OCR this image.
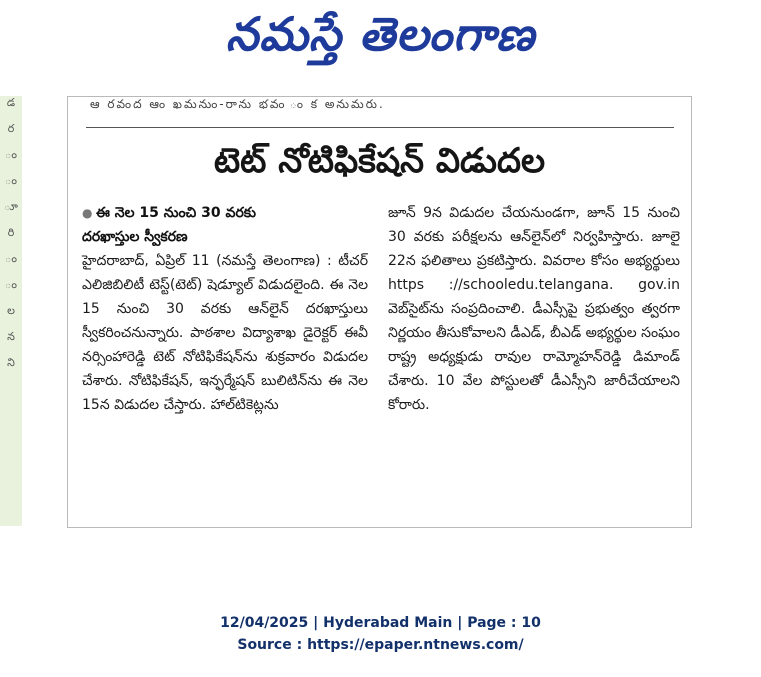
నమస్తే తెలంగాణ
డ
ర
ం
ం
ూ
రి
ం
ం
ల
న
ని
ఆ రవంద ఆం ఖమనుం-రాను భవం ం క అనుమరు.
టెట్‌ నోటిఫికేషన్‌ విడుదల
● ఈ నెల 15 నుంచి 30 వరకు
దరఖాస్తుల స్వీకరణ
హైదరాబాద్‌, ఏప్రిల్‌ 11 (నమస్తే తెలంగాణ) : టీచర్‌ ఎలిజిబిలిటీ టెస్ట్‌(టెట్‌) షెడ్యూల్‌ విడుదలైంది. ఈ నెల 15 నుంచి 30 వరకు ఆన్‌లైన్‌ దరఖాస్తులు స్వీకరించనున్నారు. పాఠశాల విద్యాశాఖ డైరెక్టర్‌ ఈవీ నర్సింహారెడ్డి టెట్‌ నోటిఫికేషన్‌ను శుక్రవారం విడుదల చేశారు. నోటిఫికేషన్‌, ఇన్ఫర్మేషన్‌ బులిటిన్‌ను ఈ నెల 15న విడుదల చేస్తారు. హాల్‌టికెట్లను
జూన్‌ 9న విడుదల చేయనుండగా, జూన్‌ 15 నుంచి 30 వరకు పరీక్షలను ఆన్‌లైన్‌లో నిర్వహిస్తారు. జూలై 22న ఫలితాలు ప్రకటిస్తారు. వివరాల కోసం అభ్యర్థులు https ://schooledu.telangana. gov.in వెబ్‌సైట్‌ను సంప్రదించాలి. డీఎస్సీపై ప్రభుత్వం త్వరగా నిర్ణయం తీసుకోవాలని డీఎడ్‌, బీఎడ్‌ అభ్యర్థుల సంఘం రాష్ట్ర అధ్యక్షుడు రావుల రామ్మోహన్‌రెడ్డి డిమాండ్‌ చేశారు. 10 వేల పోస్టులతో డీఎస్సీని జారీచేయాలని కోరారు.
12/04/2025 | Hyderabad Main | Page : 10
Source : https://epaper.ntnews.com/
